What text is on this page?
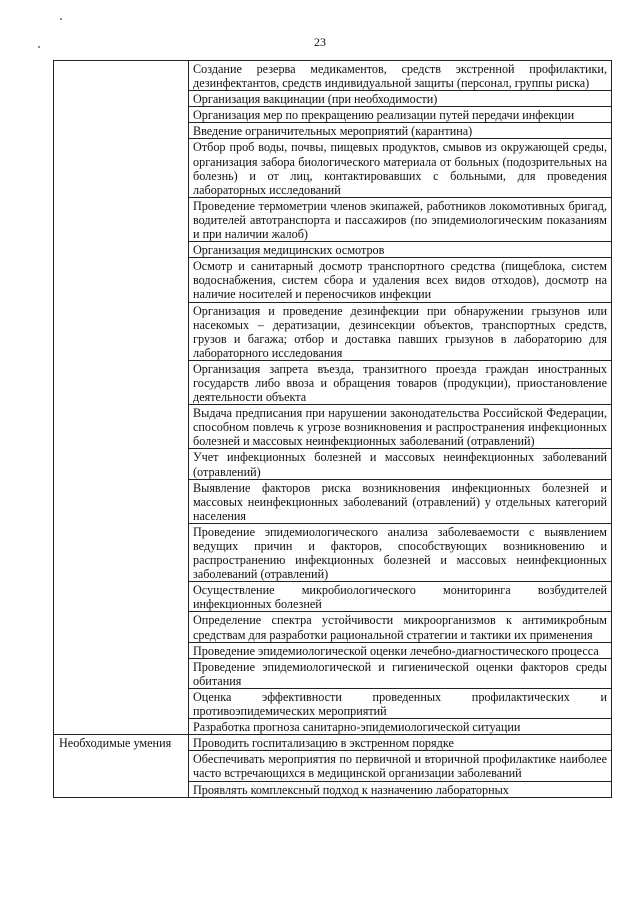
23
	Создание резерва медикаментов, средств экстренной профилактики, дезинфектантов, средств индивидуальной защиты (персонал, группы риска)
	Организация вакцинации (при необходимости)
	Организация мер по прекращению реализации путей передачи инфекции
	Введение ограничительных мероприятий (карантина)
	Отбор проб воды, почвы, пищевых продуктов, смывов из окружающей среды, организация забора биологического материала от больных (подозрительных на болезнь) и от лиц, контактировавших с больными, для проведения лабораторных исследований
	Проведение термометрии членов экипажей, работников локомотивных бригад, водителей автотранспорта и пассажиров (по эпидемиологическим показаниям и при наличии жалоб)
	Организация медицинских осмотров
	Осмотр и санитарный досмотр транспортного средства (пищеблока, систем водоснабжения, систем сбора и удаления всех видов отходов), досмотр на наличие носителей и переносчиков инфекции
	Организация и проведение дезинфекции при обнаружении грызунов или насекомых – дератизации, дезинсекции объектов, транспортных средств, грузов и багажа; отбор и доставка павших грызунов в лабораторию для лабораторного исследования
	Организация запрета въезда, транзитного проезда граждан иностранных государств либо ввоза и обращения товаров (продукции), приостановление деятельности объекта
	Выдача предписания при нарушении законодательства Российской Федерации, способном повлечь к угрозе возникновения и распространения инфекционных болезней и массовых неинфекционных заболеваний (отравлений)
	Учет инфекционных болезней и массовых неинфекционных заболеваний (отравлений)
	Выявление факторов риска возникновения инфекционных болезней и массовых неинфекционных заболеваний (отравлений) у отдельных категорий населения
	Проведение эпидемиологического анализа заболеваемости с выявлением ведущих причин и факторов, способствующих возникновению и распространению инфекционных болезней и массовых неинфекционных заболеваний (отравлений)
	Осуществление микробиологического мониторинга возбудителей инфекционных болезней
	Определение спектра устойчивости микроорганизмов к антимикробным средствам для разработки рациональной стратегии и тактики их применения
	Проведение эпидемиологической оценки лечебно-диагностического процесса
	Проведение эпидемиологической и гигиенической оценки факторов среды обитания
	Оценка эффективности проведенных профилактических и противоэпидемических мероприятий
	Разработка прогноза санитарно-эпидемиологической ситуации
Необходимые умения	Проводить госпитализацию в экстренном порядке
	Обеспечивать мероприятия по первичной и вторичной профилактике наиболее часто встречающихся в медицинской организации заболеваний
	Проявлять комплексный подход к назначению лабораторных
